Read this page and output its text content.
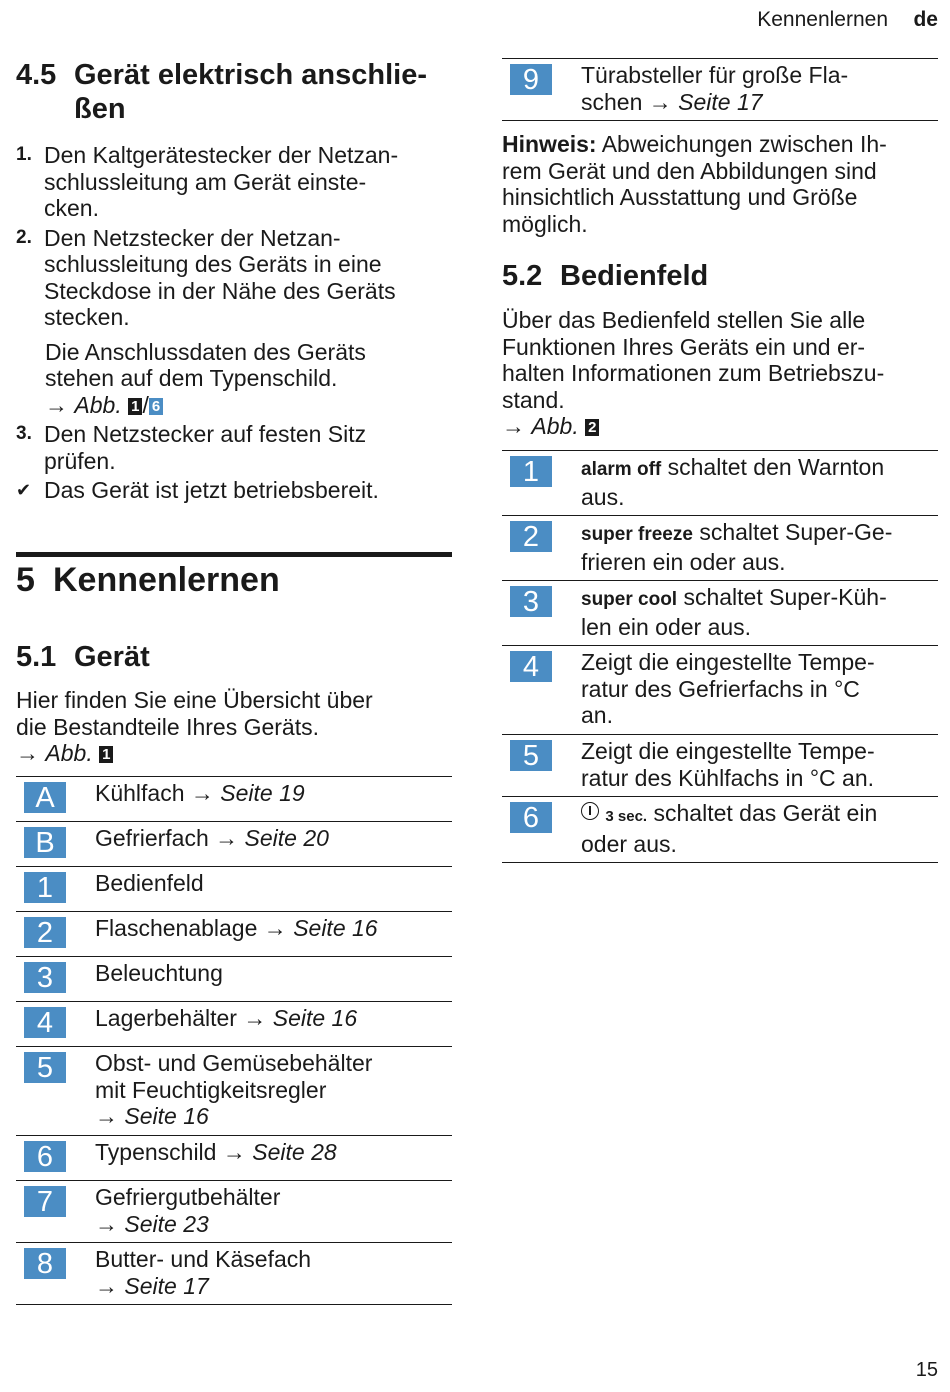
Kennenlernen de
4.5 Gerät elektrisch anschlie-
ßen
1. Den Kaltgerätestecker der Netzan-
schlussleitung am Gerät einste-
cken.
2. Den Netzstecker der Netzan-
schlussleitung des Geräts in eine
Steckdose in der Nähe des Geräts
stecken.
Die Anschlussdaten des Geräts
stehen auf dem Typenschild.
→ Abb. 1 / 6
3. Den Netzstecker auf festen Sitz
prüfen.
✔ Das Gerät ist jetzt betriebsbereit.
5 Kennenlernen
5.1 Gerät
Hier finden Sie eine Übersicht über
die Bestandteile Ihres Geräts.
→ Abb. 1
A	Kühlfach → Seite 19
B	Gefrierfach → Seite 20
1	Bedienfeld
2	Flaschenablage → Seite 16
3	Beleuchtung
4	Lagerbehälter → Seite 16
5	Obst- und Gemüsebehälter
mit Feuchtigkeitsregler
→ Seite 16
6	Typenschild → Seite 28
7	Gefriergutbehälter
→ Seite 23
8	Butter- und Käsefach
→ Seite 17
9	Türabsteller für große Fla-
schen → Seite 17
Hinweis: Abweichungen zwischen Ih-
rem Gerät und den Abbildungen sind
hinsichtlich Ausstattung und Größe
möglich.
5.2 Bedienfeld
Über das Bedienfeld stellen Sie alle
Funktionen Ihres Geräts ein und er-
halten Informationen zum Betriebszu-
stand.
→ Abb. 2
1	alarm off schaltet den Warnton
aus.
2	super freeze schaltet Super-Ge-
frieren ein oder aus.
3	super cool schaltet Super-Küh-
len ein oder aus.
4	Zeigt die eingestellte Tempe-
ratur des Gefrierfachs in °C
an.
5	Zeigt die eingestellte Tempe-
ratur des Kühlfachs in °C an.
6	3 sec. schaltet das Gerät ein
oder aus.
15
